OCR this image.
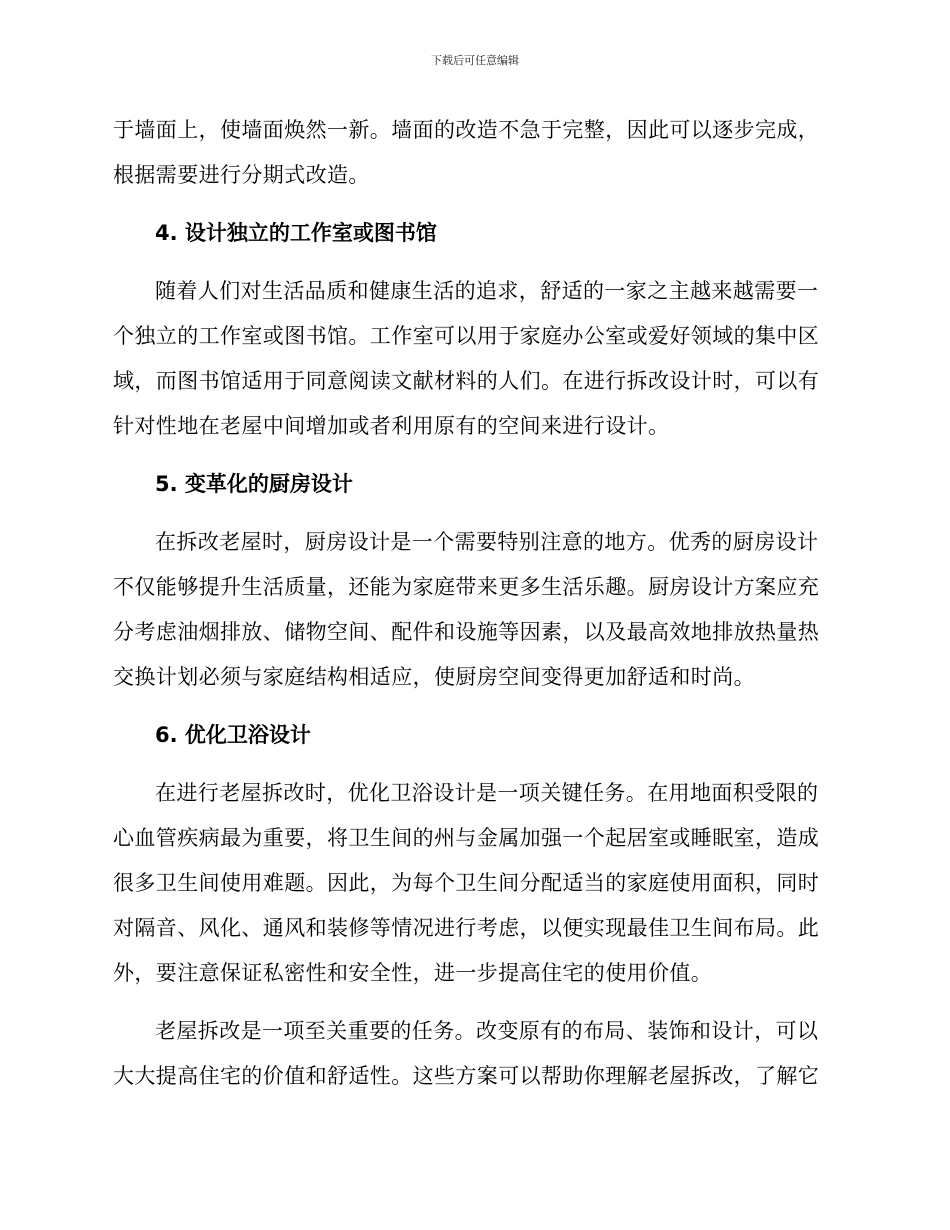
下载后可任意编辑

于墙面上，使墙面焕然一新。墙面的改造不急于完整，因此可以逐步完成，根据需要进行分期式改造。

4. 设计独立的工作室或图书馆

随着人们对生活品质和健康生活的追求，舒适的一家之主越来越需要一个独立的工作室或图书馆。工作室可以用于家庭办公室或爱好领域的集中区域，而图书馆适用于同意阅读文献材料的人们。在进行拆改设计时，可以有针对性地在老屋中间增加或者利用原有的空间来进行设计。

5. 变革化的厨房设计

在拆改老屋时，厨房设计是一个需要特别注意的地方。优秀的厨房设计不仅能够提升生活质量，还能为家庭带来更多生活乐趣。厨房设计方案应充分考虑油烟排放、储物空间、配件和设施等因素，以及最高效地排放热量热交换计划必须与家庭结构相适应，使厨房空间变得更加舒适和时尚。

6. 优化卫浴设计

在进行老屋拆改时，优化卫浴设计是一项关键任务。在用地面积受限的心血管疾病最为重要，将卫生间的州与金属加强一个起居室或睡眠室，造成很多卫生间使用难题。因此，为每个卫生间分配适当的家庭使用面积，同时对隔音、风化、通风和装修等情况进行考虑，以便实现最佳卫生间布局。此外，要注意保证私密性和安全性，进一步提高住宅的使用价值。

老屋拆改是一项至关重要的任务。改变原有的布局、装饰和设计，可以大大提高住宅的价值和舒适性。这些方案可以帮助你理解老屋拆改，了解它
